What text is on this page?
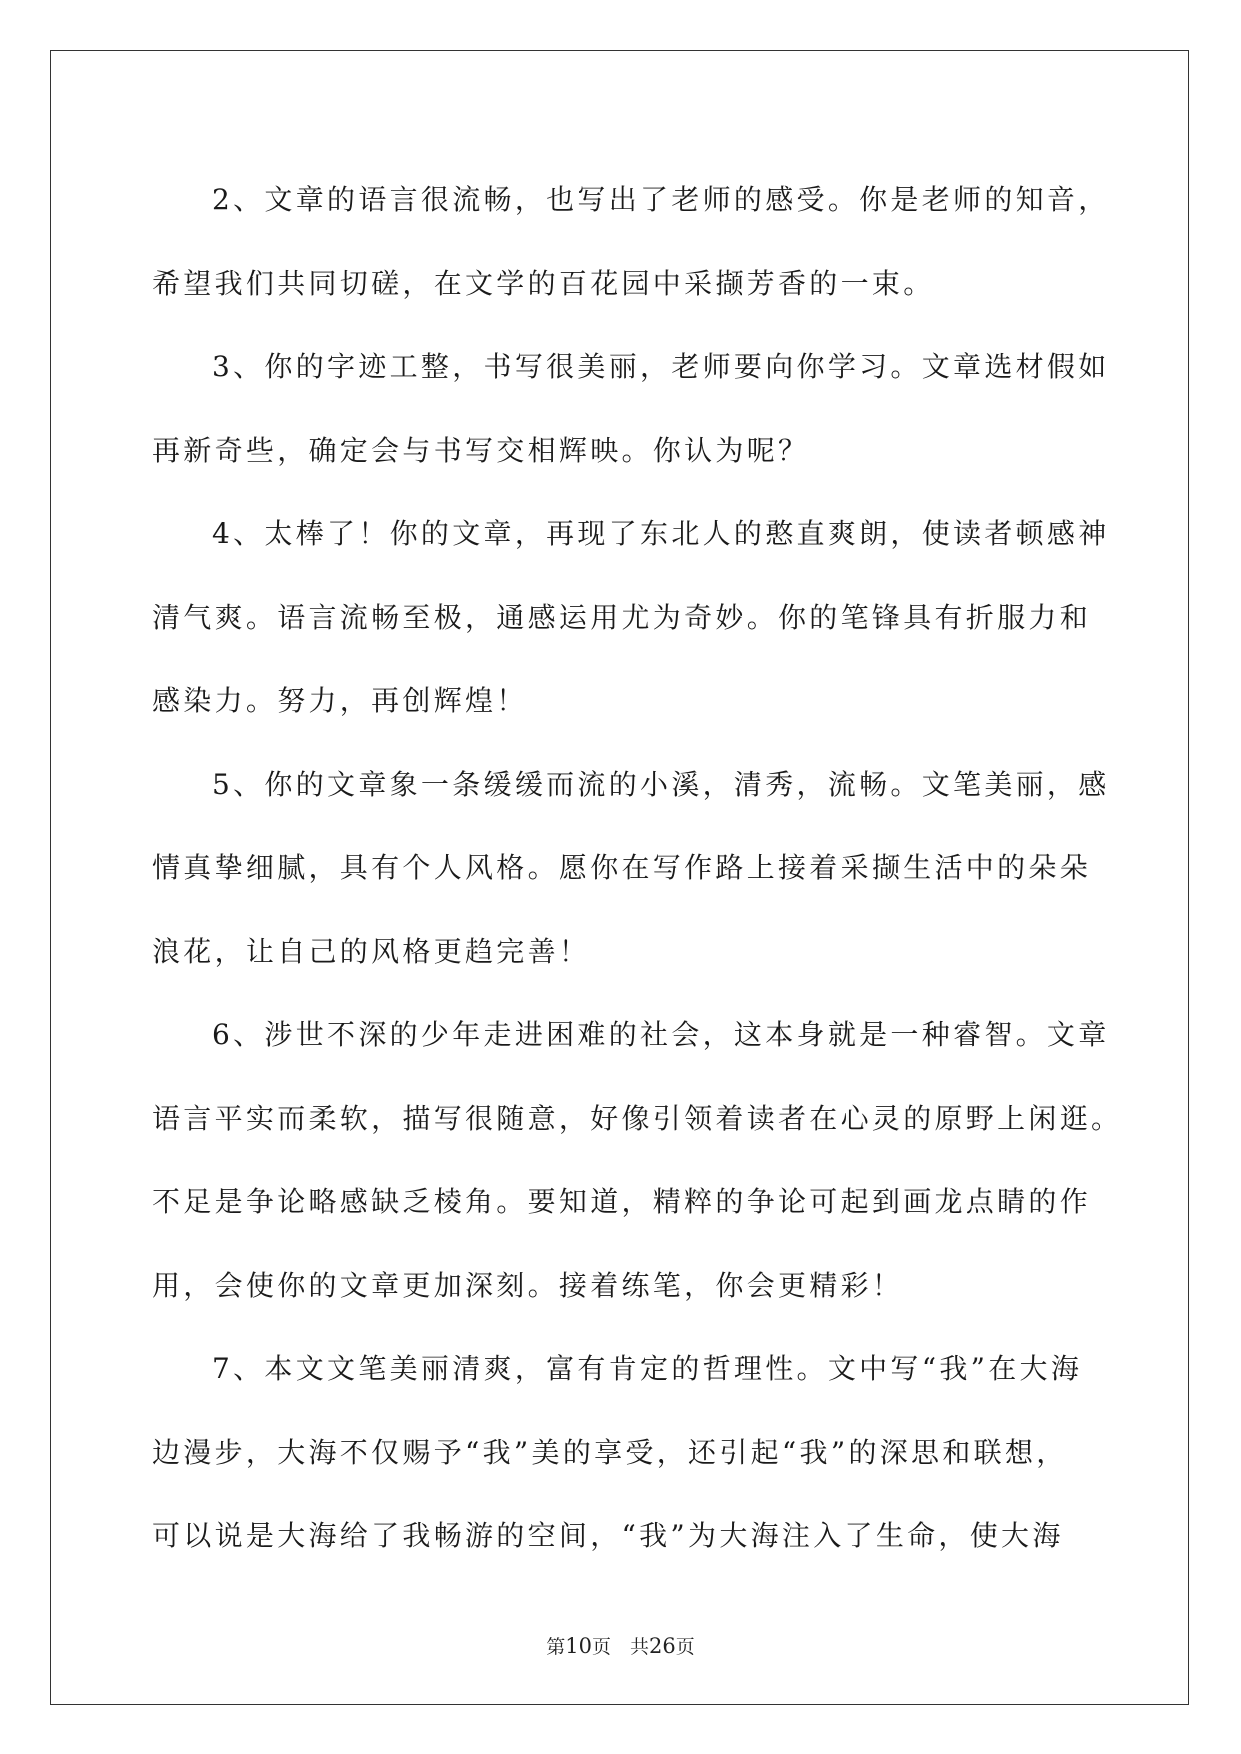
2、文章的语言很流畅，也写出了老师的感受。你是老师的知音，
希望我们共同切磋，在文学的百花园中采撷芳香的一束。

3、你的字迹工整，书写很美丽，老师要向你学习。文章选材假如
再新奇些，确定会与书写交相辉映。你认为呢？

4、太棒了！你的文章，再现了东北人的憨直爽朗，使读者顿感神
清气爽。语言流畅至极，通感运用尤为奇妙。你的笔锋具有折服力和
感染力。努力，再创辉煌！

5、你的文章象一条缓缓而流的小溪，清秀，流畅。文笔美丽，感
情真挚细腻，具有个人风格。愿你在写作路上接着采撷生活中的朵朵
浪花，让自己的风格更趋完善！

6、涉世不深的少年走进困难的社会，这本身就是一种睿智。文章
语言平实而柔软，描写很随意，好像引领着读者在心灵的原野上闲逛。
不足是争论略感缺乏棱角。要知道，精粹的争论可起到画龙点睛的作
用，会使你的文章更加深刻。接着练笔，你会更精彩！

7、本文文笔美丽清爽，富有肯定的哲理性。文中写“我”在大海
边漫步，大海不仅赐予“我”美的享受，还引起“我”的深思和联想，
可以说是大海给了我畅游的空间，“我”为大海注入了生命，使大海

第10页　共26页
